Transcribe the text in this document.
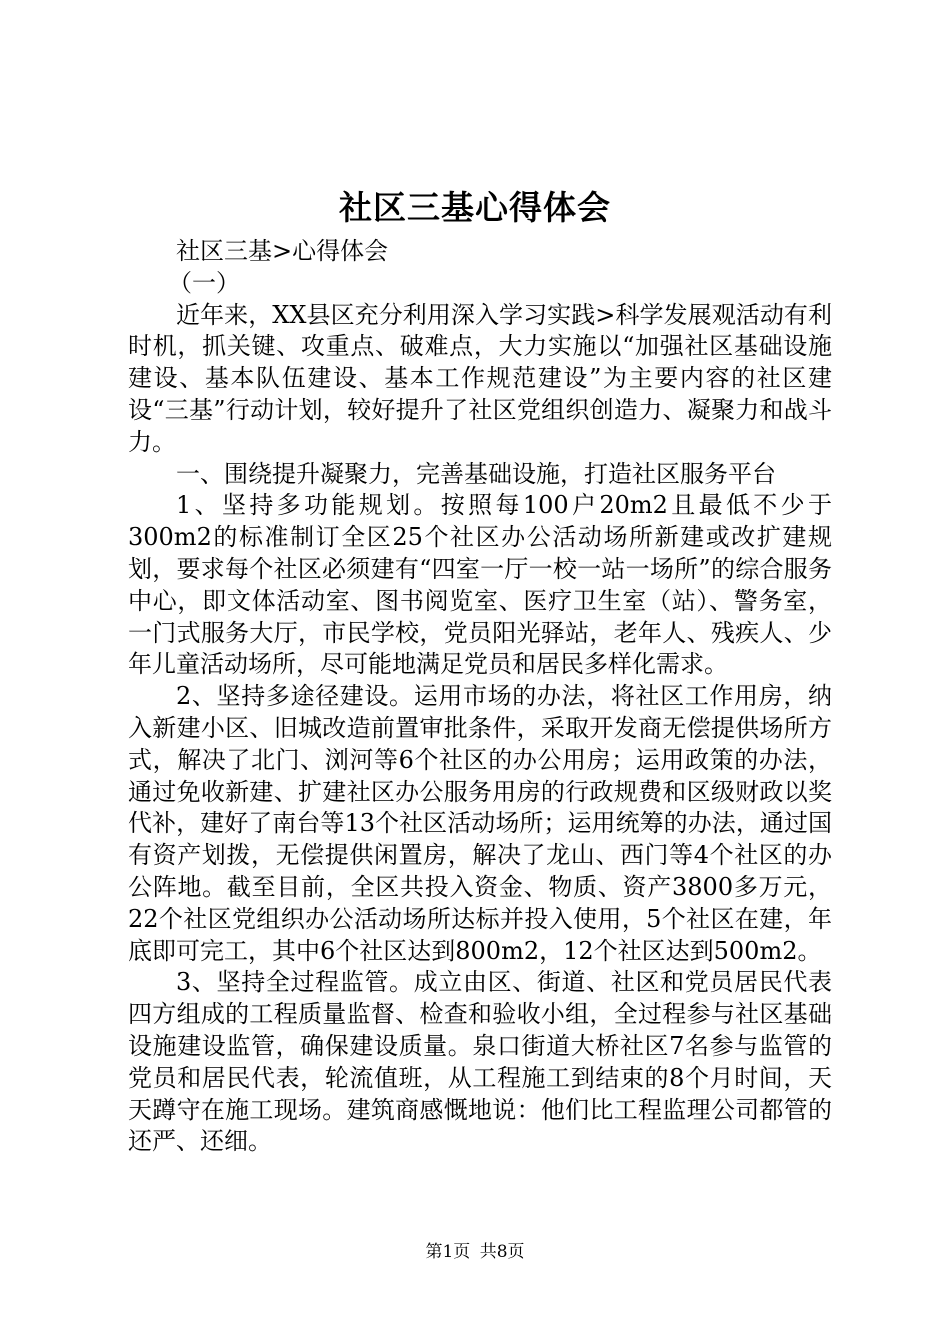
社区三基心得体会

社区三基>心得体会

（一）

近年来，XX县区充分利用深入学习实践>科学发展观活动有利时机，抓关键、攻重点、破难点，大力实施以“加强社区基础设施建设、基本队伍建设、基本工作规范建设”为主要内容的社区建设“三基”行动计划，较好提升了社区党组织创造力、凝聚力和战斗力。

一、围绕提升凝聚力，完善基础设施，打造社区服务平台

1、坚持多功能规划。按照每100户20m2且最低不少于300m2的标准制订全区25个社区办公活动场所新建或改扩建规划，要求每个社区必须建有“四室一厅一校一站一场所”的综合服务中心，即文体活动室、图书阅览室、医疗卫生室（站）、警务室，一门式服务大厅，市民学校，党员阳光驿站，老年人、残疾人、少年儿童活动场所，尽可能地满足党员和居民多样化需求。

2、坚持多途径建设。运用市场的办法，将社区工作用房，纳入新建小区、旧城改造前置审批条件，采取开发商无偿提供场所方式，解决了北门、浏河等6个社区的办公用房；运用政策的办法，通过免收新建、扩建社区办公服务用房的行政规费和区级财政以奖代补，建好了南台等13个社区活动场所；运用统筹的办法，通过国有资产划拨，无偿提供闲置房，解决了龙山、西门等4个社区的办公阵地。截至目前，全区共投入资金、物质、资产3800多万元，22个社区党组织办公活动场所达标并投入使用，5个社区在建，年底即可完工，其中6个社区达到800m2，12个社区达到500m2。

3、坚持全过程监管。成立由区、街道、社区和党员居民代表四方组成的工程质量监督、检查和验收小组，全过程参与社区基础设施建设监管，确保建设质量。泉口街道大桥社区7名参与监管的党员和居民代表，轮流值班，从工程施工到结束的8个月时间，天天蹲守在施工现场。建筑商感慨地说：他们比工程监理公司都管的还严、还细。

第1页 共8页
